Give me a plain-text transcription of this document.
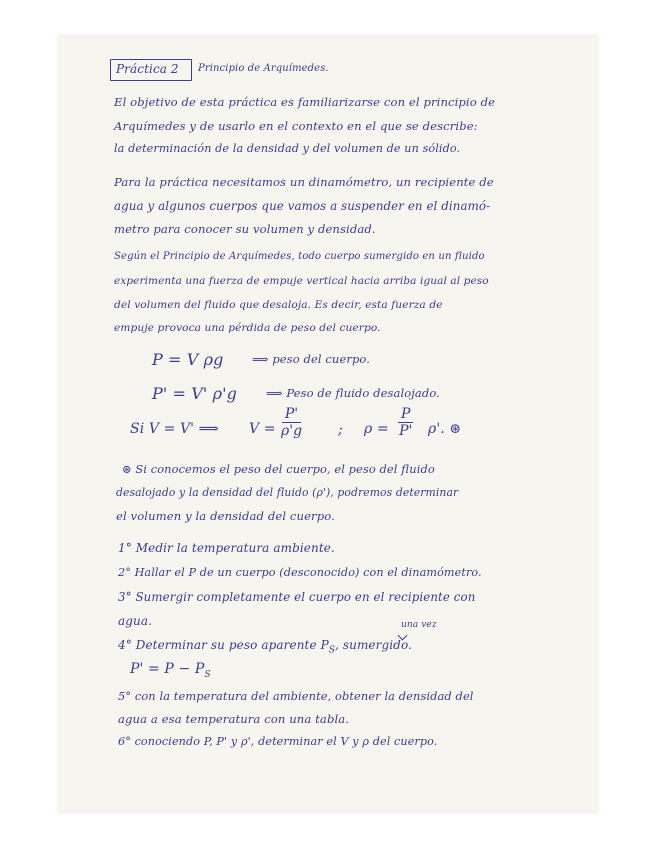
Práctica 2 Principio de Arquímedes.
El objetivo de esta práctica es familiarizarse con el principio de
Arquímedes y de usarlo en el contexto en el que se describe:
la determinación de la densidad y del volumen de un sólido.
Para la práctica necesitamos un dinamómetro, un recipiente de
agua y algunos cuerpos que vamos a suspender en el dinamó-
metro para conocer su volumen y densidad.
Según el Principio de Arquímedes, todo cuerpo sumergido en un fluido
experimenta una fuerza de empuje vertical hacia arriba igual al peso
del volumen del fluido que desaloja. Es decir, esta fuerza de
empuje provoca una pérdida de peso del cuerpo.
P = V ρg ⟹ peso del cuerpo.
P' = V' ρ'g	⟹ Peso de fluido desalojado.
Si V = V' ⟹ $V = \frac{P'}{\rho'g}$	; $\rho = \frac{P}{P'} \rho'$. ⊛
⊛ Si conocemos el peso del cuerpo, el peso del fluido
desalojado y la densidad del fluido (ρ'), podremos determinar
el volumen y la densidad del cuerpo.
1° Medir la temperatura ambiente.
2° Hallar el P de un cuerpo (desconocido) con el dinamómetro.
3° Sumergir completamente el cuerpo en el recipiente con
agua.
4° Determinar su peso aparente $P_S$, sumergido.
una vez
$P' = P - P_S$
5° con la temperatura del ambiente, obtener la densidad del
agua a esa temperatura con una tabla.
6° conociendo P, P' y ρ', determinar el V y ρ del cuerpo.
